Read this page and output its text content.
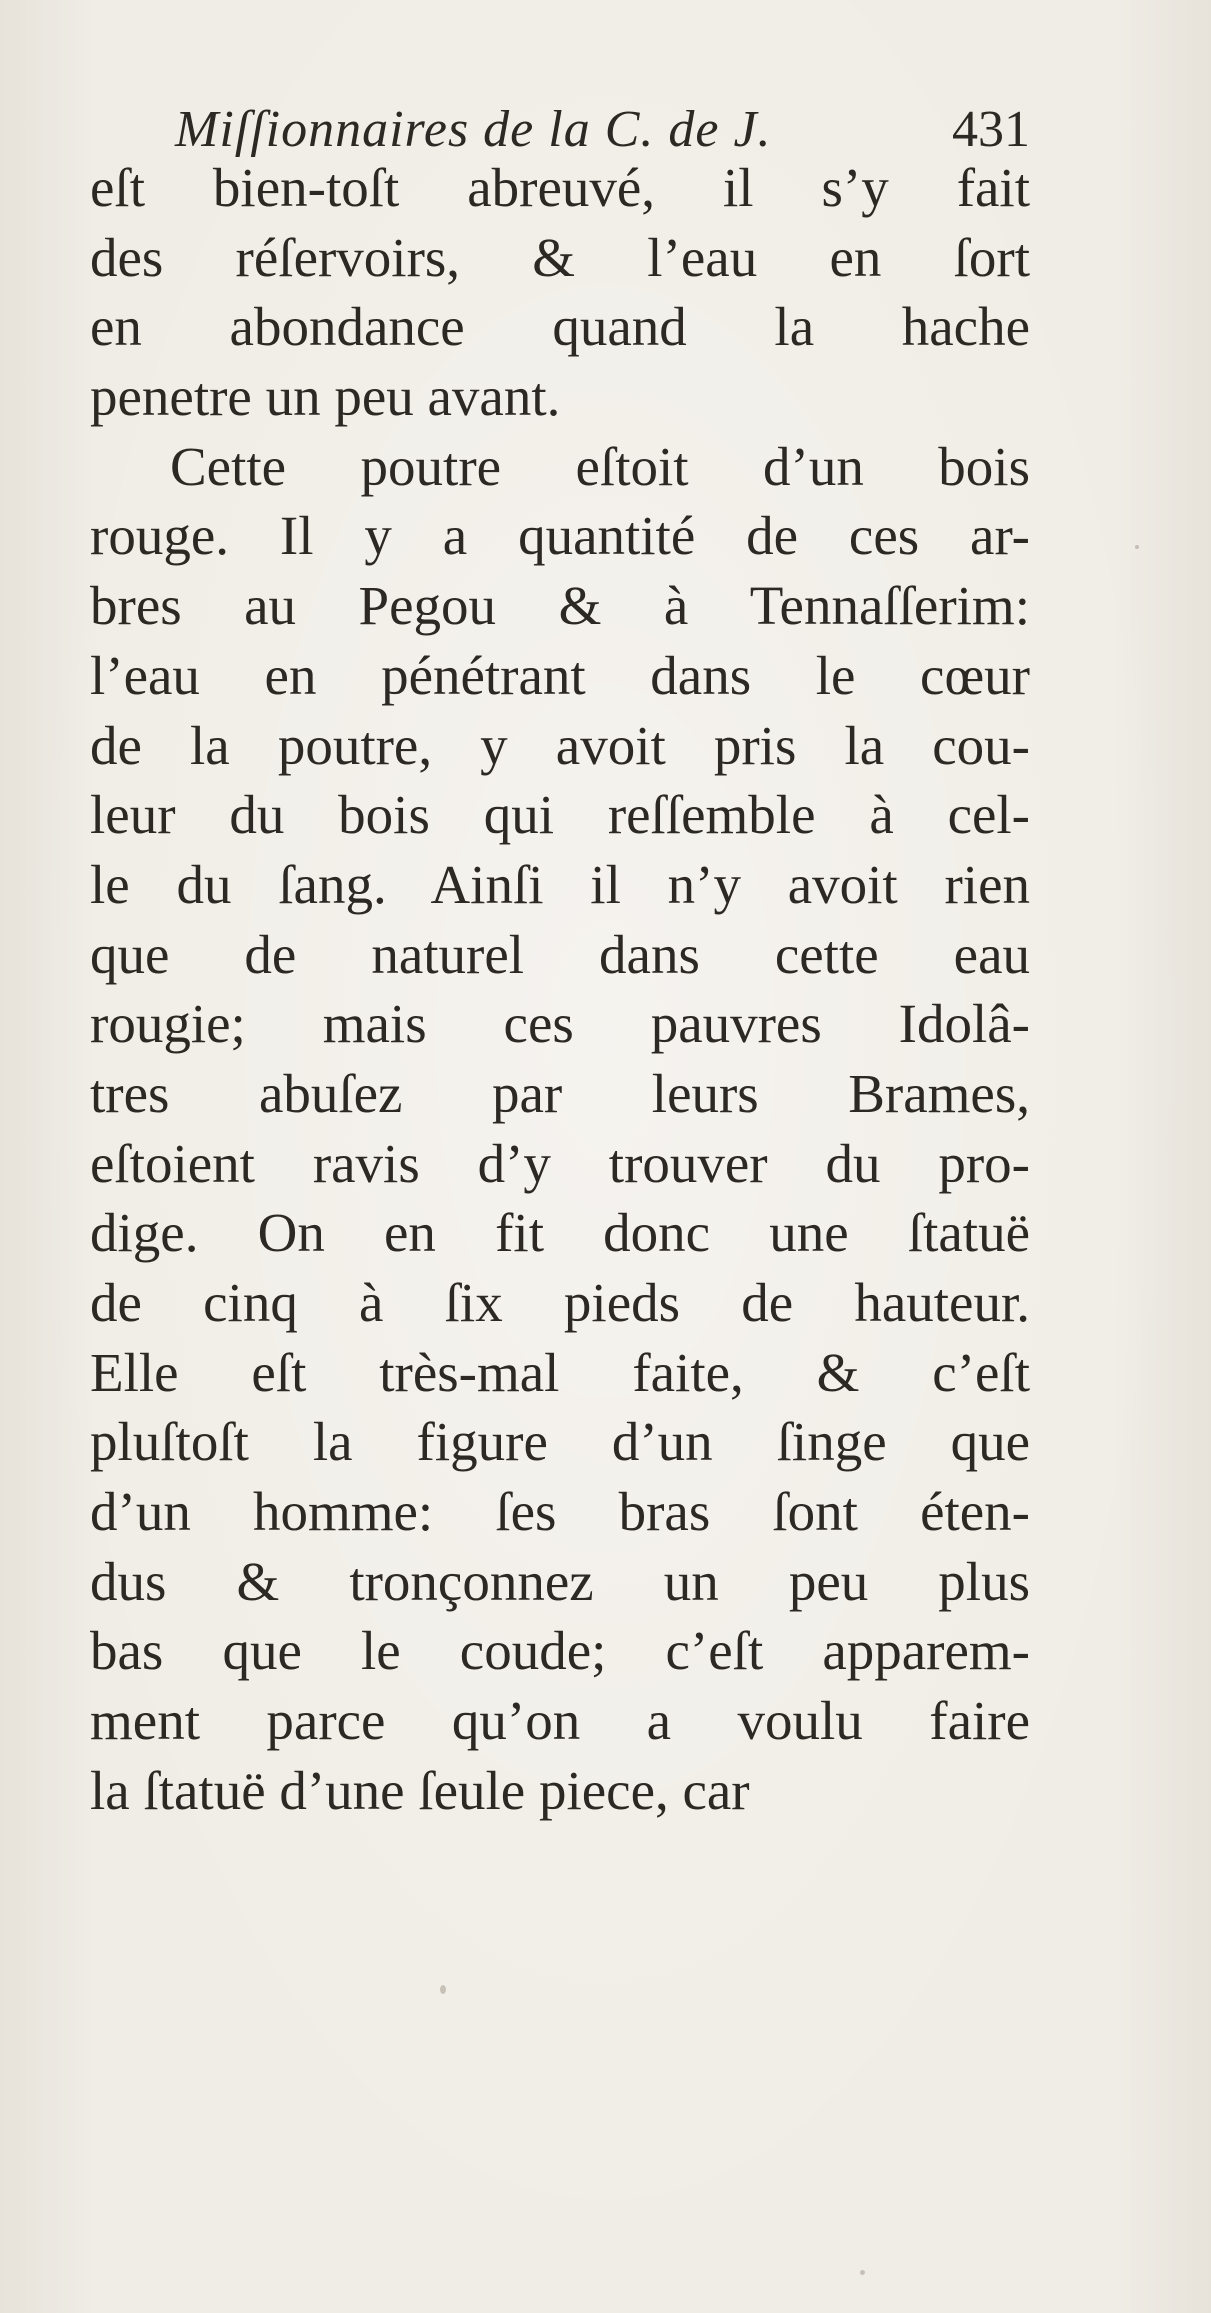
Miſſionnaires de la C. de J.	431
eſt bien-toſt abreuvé, il s’y fait
des réſervoirs, & l’eau en ſort
en abondance quand la hache
penetre un peu avant.
Cette poutre eſtoit d’un bois
rouge. Il y a quantité de ces ar-
bres au Pegou & à Tennaſſerim:
l’eau en pénétrant dans le cœur
de la poutre, y avoit pris la cou-
leur du bois qui reſſemble à cel-
le du ſang. Ainſi il n’y avoit rien
que de naturel dans cette eau
rougie; mais ces pauvres Idolâ-
tres abuſez par leurs Brames,
eſtoient ravis d’y trouver du pro-
dige. On en fit donc une ſtatuë
de cinq à ſix pieds de hauteur.
Elle eſt très-mal faite, & c’eſt
pluſtoſt la figure d’un ſinge que
d’un homme: ſes bras ſont éten-
dus & tronçonnez un peu plus
bas que le coude; c’eſt apparem-
ment parce qu’on a voulu faire
la ſtatuë d’une ſeule piece, car
